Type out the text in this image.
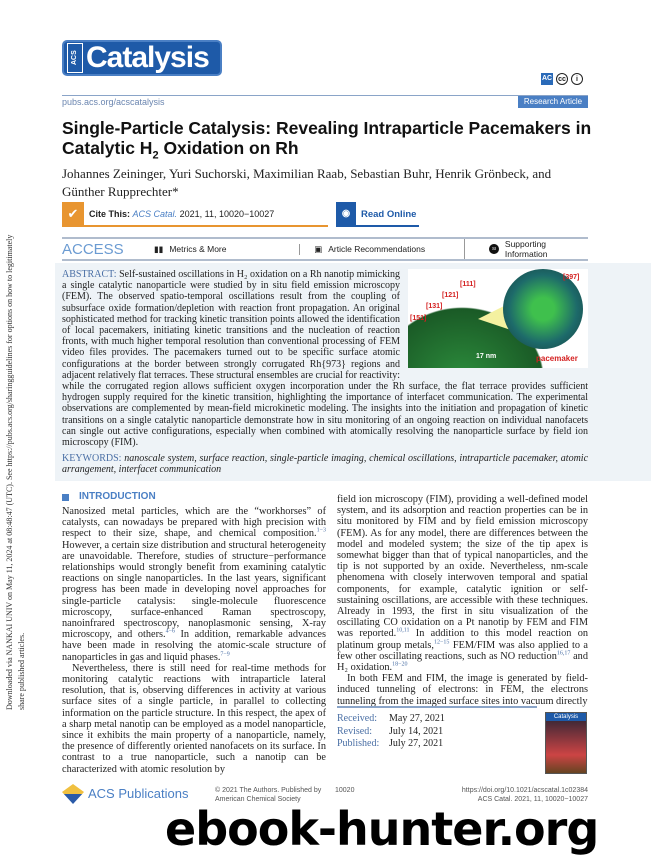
ACS Catalysis
AC cc	i
pubs.acs.org/acscatalysis	Research Article
Single-Particle Catalysis: Revealing Intraparticle Pacemakers in
Catalytic $H_2$ Oxidation on Rh
Johannes Zeininger, Yuri Suchorski, Maximilian Raab, Sebastian Buhr, Henrik Grönbeck, and Günther Rupprechter*
✔	Cite This:
ACS Catal.
2021, 11, 10020−10027	◉	Read Online
ACCESS	▮▮ Metrics & More	▣ Article Recommendations	SI	Supporting Information
[151]
[131]
[121]
[111]
[397]
17 nm	pacemaker
ABSTRACT: Self-sustained oscillations in H₂ oxidation on a Rh nanotip mimicking a single catalytic nanoparticle were studied by in situ field emission microscopy (FEM). The observed spatio-temporal oscillations result from the coupling of subsurface oxide formation/depletion with reaction front propagation. An original sophisticated method for tracking kinetic transition points allowed the identification of local pacemakers, initiating kinetic transitions and the nucleation of reaction fronts, with much higher temporal resolution than conventional processing of FEM video files provides. The pacemakers turned out to be specific surface atomic configurations at the border between strongly corrugated Rh{973} regions and adjacent relatively flat terraces. These structural ensembles are crucial for reactivity: while the corrugated region allows sufficient oxygen incorporation under the Rh surface, the flat terrace provides sufficient hydrogen supply required for the kinetic transition, highlighting the importance of interfacet communication. The experimental observations are complemented by mean-field microkinetic modeling. The insights into the initiation and propagation of kinetic transitions on a single catalytic nanoparticle demonstrate how in situ monitoring of an ongoing reaction on individual nanofacets can single out active configurations, especially when combined with atomically resolving the nanoparticle surface by field ion microscopy (FIM).
KEYWORDS: nanoscale system, surface reaction, single-particle imaging, chemical oscillations, intraparticle pacemaker, atomic arrangement, interfacet communication
INTRODUCTION

Nanosized metal particles, which are the “workhorses” of catalysts, can nowadays be prepared with high precision with respect to their size, shape, and chemical composition.$^{1-3}$ However, a certain size distribution and structural heterogeneity are unavoidable. Therefore, studies of structure−performance relationships would strongly benefit from examining catalytic reactions on single nanoparticles. In the last years, significant progress has been made in developing novel approaches for single-particle catalysis: single-molecule fluorescence microscopy, surface-enhanced Raman spectroscopy, nanoinfrared spectroscopy, nanoplasmonic sensing, X-ray microscopy, and others.$^{4-6}$ In addition, remarkable advances have been made in resolving the atomic-scale structure of nanoparticles in gas and liquid phases.$^{7-9}$

Nevertheless, there is still need for real-time methods for monitoring catalytic reactions with intraparticle lateral resolution, that is, observing differences in activity at various surface sites of a single particle, in parallel to collecting information on the particle structure. In this respect, the apex of a sharp metal nanotip can be employed as a model nanoparticle, since it exhibits the main property of a nanoparticle, namely, the presence of differently oriented nanofacets on its surface. In contrast to a true nanoparticle, such a nanotip can be characterized with atomic resolution by

field ion microscopy (FIM), providing a well-defined model system, and its adsorption and reaction properties can be in situ monitored by FIM and by field emission microscopy (FEM). As for any model, there are differences between the model and modeled system; the size of the tip apex is somewhat bigger than that of typical nanoparticles, and the tip is not supported by an oxide. Nevertheless, nm-scale phenomena with closely interwoven temporal and spatial components, for example, catalytic ignition or self-sustaining oscillations, are accessible with these techniques. Already in 1993, the first in situ visualization of the oscillating CO oxidation on a Pt nanotip by FEM and FIM was reported.$^{10,11}$ In addition to this model reaction on platinum group metals,$^{12-15}$ FEM/FIM was also applied to a few other oscillating reactions, such as NO reduction$^{16,17}$ and H₂ oxidation.$^{18-20}$

In both FEM and FIM, the image is generated by field-induced tunneling of electrons: in FEM, the electrons tunneling from the imaged surface sites into vacuum directly

Received: May 27, 2021
Revised: July 14, 2021
Published: July 27, 2021
Catalysis
Downloaded via NANKAI UNIV on May 11, 2024 at 08:48:47 (UTC). See https://pubs.acs.org/sharingguidelines for options on how to legitimately share published articles.
ACS Publications	© 2021 The Authors. Published by American Chemical Society
10020	https://doi.org/10.1021/acscatal.1c02384
ACS Catal. 2021, 11, 10020−10027
ebook-hunter.org
